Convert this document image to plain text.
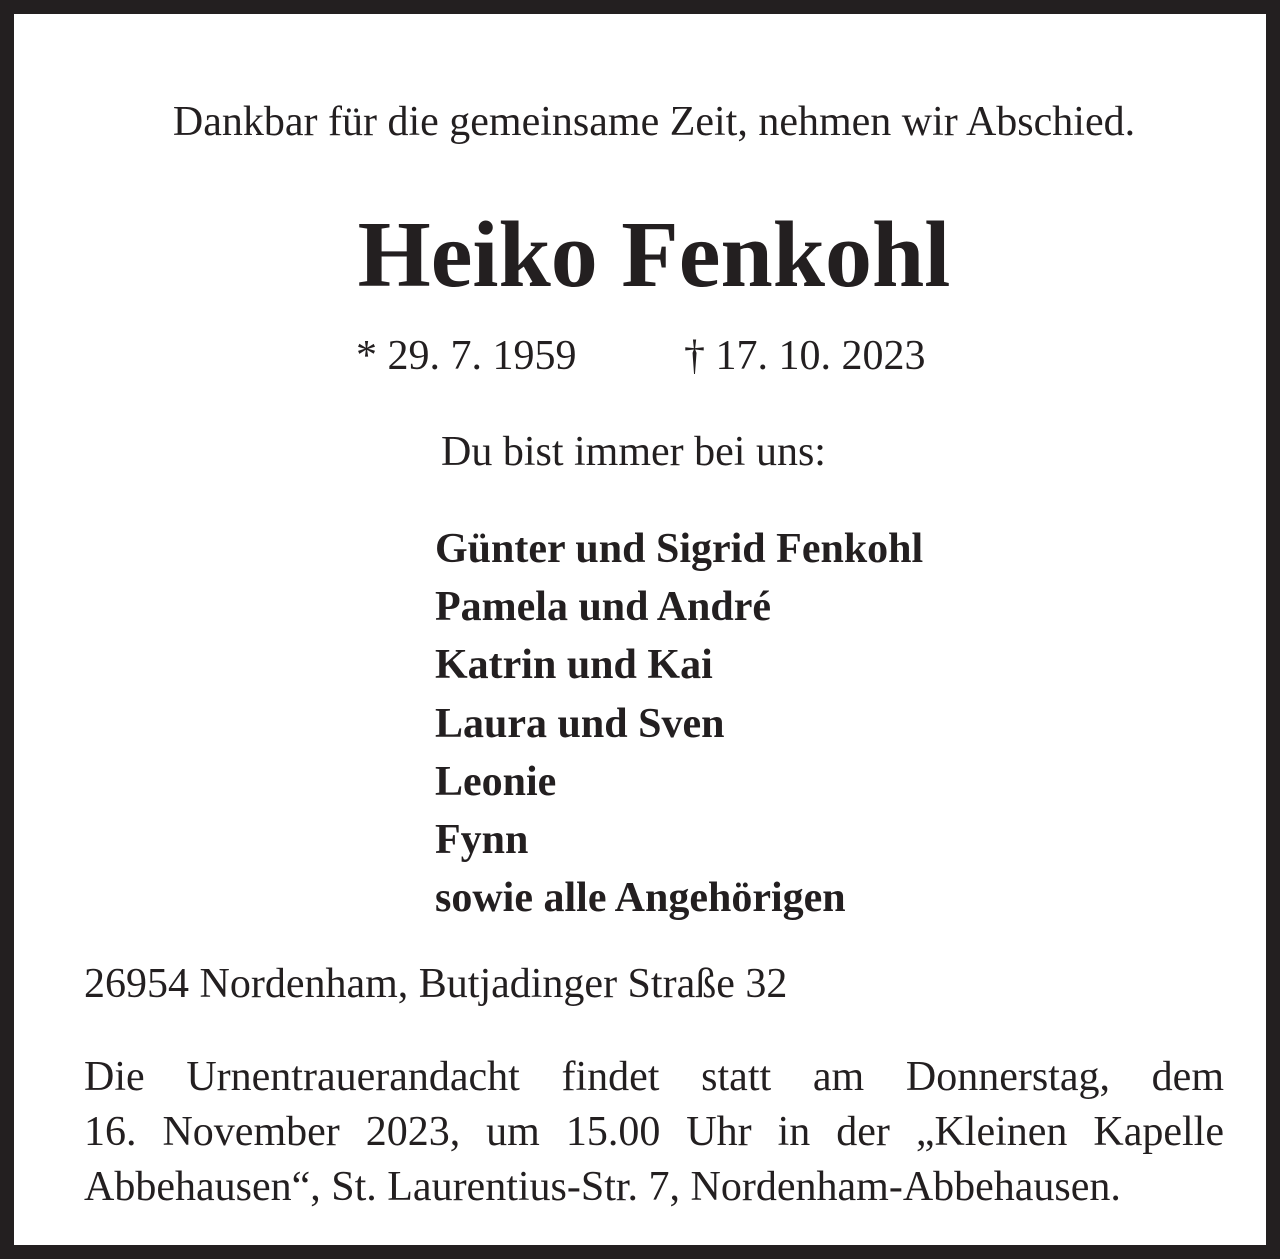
Dankbar für die gemeinsame Zeit, nehmen wir Abschied.
Heiko Fenkohl
* 29. 7. 1959	† 17. 10. 2023
Du bist immer bei uns:
Günter und Sigrid Fenkohl
Pamela und André
Katrin und Kai
Laura und Sven
Leonie
Fynn
sowie alle Angehörigen
26954 Nordenham, Butjadinger Straße 32
Die Urnentrauerandacht findet statt am Donnerstag, dem
16. November 2023, um 15.00 Uhr in der „Kleinen Kapelle
Abbehausen“, St. Laurentius-Str. 7, Nordenham-Abbehausen.
